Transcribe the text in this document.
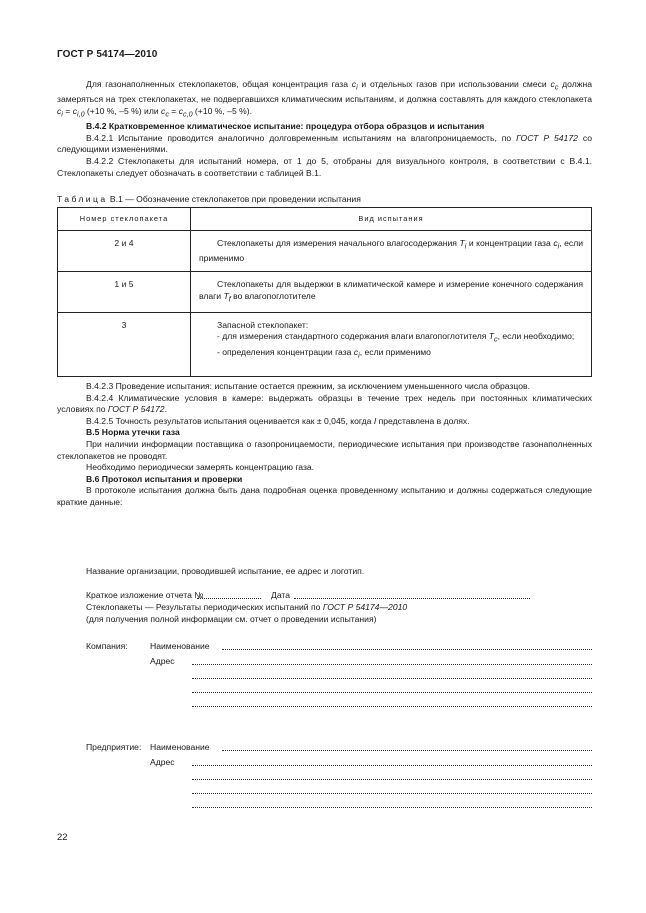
ГОСТ Р 54174—2010

Для газонаполненных стеклопакетов, общая концентрация газа $c_i$ и отдельных газов при использовании смеси $c_c$ должна замеряться на трех стеклопакетах, не подвергавшихся климатическим испытаниям, и должна составлять для каждого стеклопакета $c_i = c_{i,0}$ (+10 %, –5 %) или $c_c = c_{c,0}$ (+10 %, –5 %).

В.4.2 Кратковременное климатическое испытание: процедура отбора образцов и испытания

В.4.2.1 Испытание проводится аналогично долговременным испытаниям на влагопроницаемость, по ГОСТ Р 54172 со следующими изменениями.

В.4.2.2 Стеклопакеты для испытаний номера, от 1 до 5, отобраны для визуального контроля, в соответствии с В.4.1. Стеклопакеты следует обозначать в соответствии с таблицей В.1.

Таблица В.1 — Обозначение стеклопакетов при проведении испытания
Номер стеклопакета	Вид испытания
2 и 4	Стеклопакеты для измерения начального влагосодержания $T_i$ и концентрации газа $c_i$, если применимо

1 и 5	Стеклопакеты для выдержки в климатической камере и измерение конечного содержания влаги $T_f$ во влагопоглотителе

3	Запасной стеклопакет:
- для измерения стандартного содержания влаги влагопоглотителя $T_c$, если необходимо;
- определения концентрации газа $c_i$, если применимо

В.4.2.3 Проведение испытания: испытание остается прежним, за исключением уменьшенного числа образцов.

В.4.2.4 Климатические условия в камере: выдержать образцы в течение трех недель при постоянных климатических условиях по ГОСТ Р 54172.

В.4.2.5 Точность результатов испытания оценивается как ± 0,045, когда I представлена в долях.

В.5 Норма утечки газа

При наличии информации поставщика о газопроницаемости, периодические испытания при производстве газонаполненных стеклопакетов не проводят.

Необходимо периодически замерять концентрацию газа.

В.6 Протокол испытания и проверки

В протоколе испытания должна быть дана подробная оценка проведенному испытанию и должны содержаться следующие краткие данные:

Название организации, проводившей испытание, ее адрес и логотип.
Краткое изложение отчета №	Дата
Стеклопакеты — Результаты периодических испытаний по ГОСТ Р 54174—2010
(для получения полной информации см. отчет о проведении испытания)
Компания:	Наименование
Адрес
Предприятие: Наименование
Адрес
22
